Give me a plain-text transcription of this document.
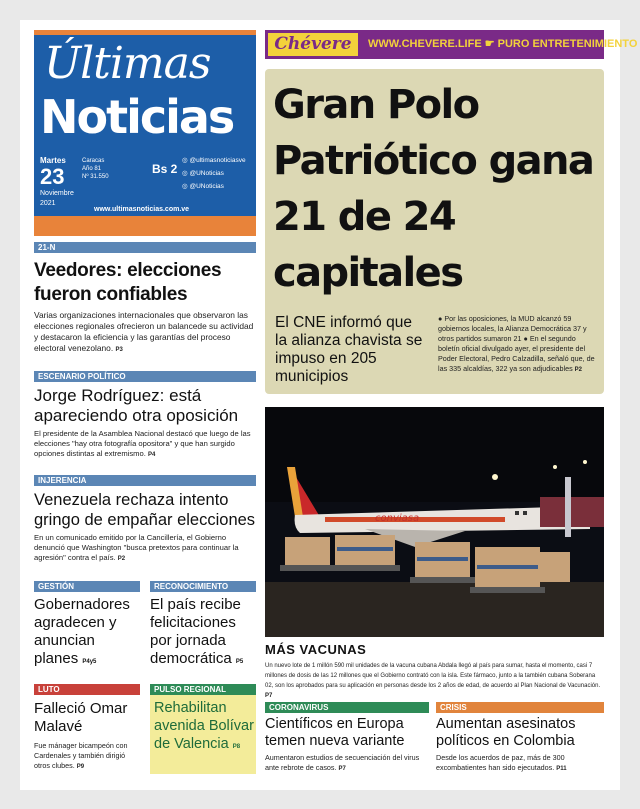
Últimas
Noticias
Martes
23
Noviembre
2021
Caracas
Año 81
Nº 31.550
Bs 2
◎ @ultimasnoticiasve
◎ @UNoticias
◎ @UNoticias
www.ultimasnoticias.com.ve
Chévere	WWW.CHEVERE.LIFE ☛ PURO ENTRETENIMIENTO
Gran Polo Patriótico gana 21 de 24 capitales
El CNE informó que la alianza chavista se impuso en 205 municipios
● Por las oposiciones, la MUD alcanzó 59 gobiernos locales, la Alianza Democrática 37 y otros partidos sumaron 21 ● En el segundo boletín oficial divulgado ayer, el presidente del Poder Electoral, Pedro Calzadilla, señaló que, de las 335 alcaldías, 322 ya son adjudicables P2
conviasa
MÁS VACUNAS
Un nuevo lote de 1 millón 590 mil unidades de la vacuna cubana Abdala llegó al país para sumar, hasta el momento, casi 7 millones de dosis de las 12 millones que el Gobierno contrató con la isla. Este fármaco, junto a la también cubana Soberana 02, son los aprobados para su aplicación en personas desde los 2 años de edad, de acuerdo al Plan Nacional de Vacunación. P7
21-N
Veedores: elecciones fueron confiables
Varias organizaciones internacionales que observaron las elecciones regionales ofrecieron un balancede su actividad y destacaron la eficiencia y las garantías del proceso electoral venezolano. P3
ESCENARIO POLÍTICO
Jorge Rodríguez: está apareciendo otra oposición
El presidente de la Asamblea Nacional destacó que luego de las elecciones "hay otra fotografía opositora" y que han surgido opciones distintas al extremismo. P4
INJERENCIA
Venezuela rechaza intento gringo de empañar elecciones
En un comunicado emitido por la Cancillería, el Gobierno denunció que Washington "busca pretextos para continuar la agresión" contra el país. P2
GESTIÓN
Gobernadores agradecen y anuncian planes P4y5
RECONOCIMIENTO
El país recibe felicitaciones por jornada democrática P5
LUTO
Falleció Omar Malavé
Fue mánager bicampeón con Cardenales y también dirigió otros clubes. P9
PULSO REGIONAL
Rehabilitan avenida Bolívar de Valencia P8
CORONAVIRUS
Científicos en Europa temen nueva variante
Aumentaron estudios de secuenciación del virus ante rebrote de casos. P7
CRISIS
Aumentan asesinatos políticos en Colombia
Desde los acuerdos de paz, más de 300 excombatientes han sido ejecutados. P11
